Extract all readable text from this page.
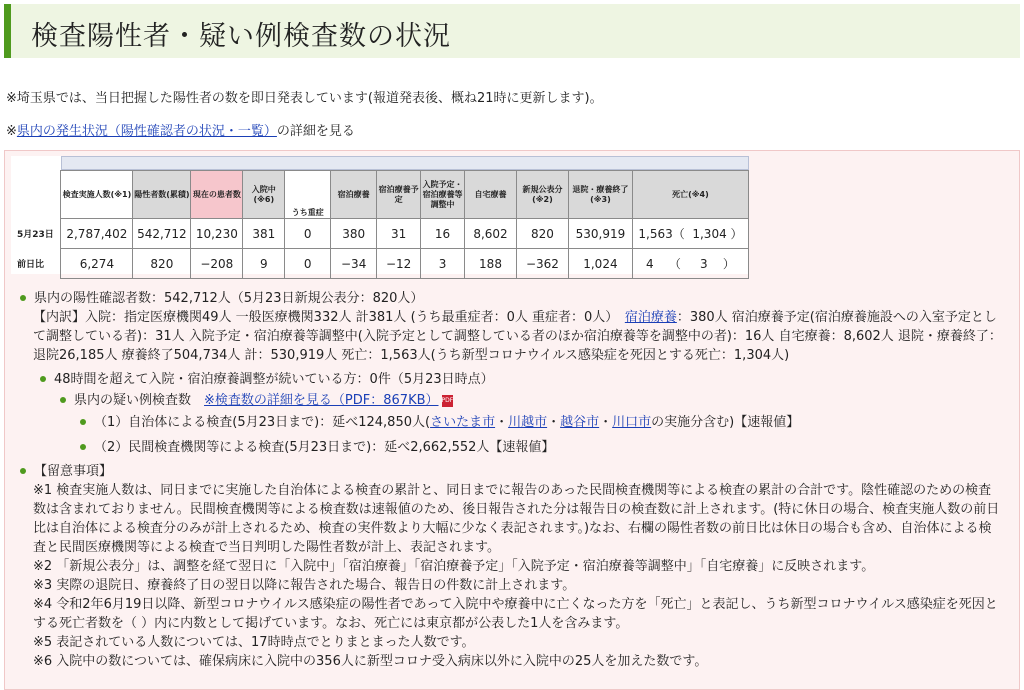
検査陽性者・疑い例検査数の状況
※埼玉県では、当日把握した陽性者の数を即日発表しています(報道発表後、概ね21時に更新します)。
※県内の発生状況（陽性確認者の状況・一覧）の詳細を見る
	検査実施人数(※1)	陽性者数(累積)	現在の患者数	入院中(※6)	うち重症	宿泊療養	宿泊療養予定	入院予定・宿泊療養等調整中	自宅療養	新規公表分(※2)	退院・療養終了(※3)	死亡(※4)
5月23日	2,787,402	542,712	10,230	381	0	380	31	16	8,602	820	530,919	1,563（  1,304 ）
前日比	6,274	820	−208	9	0	−34	−12	3	188	−362	1,024	4    （     3    ）
県内の陽性確認者数：542,712人（5月23日新規公表分：820人）
【内訳】入院：指定医療機関49人 一般医療機関332人 計381人 (うち最重症者：0人 重症者：0人）　 宿泊療養：380人 宿泊療養予定(宿泊療養施設への入室予定とし
て調整している者)：31人 入院予定・宿泊療養等調整中(入院予定として調整している者のほか宿泊療養等を調整中の者)：16人 自宅療養：8,602人 退院・療養終了：
退院26,185人 療養終了504,734人 計：530,919人 死亡：1,563人(うち新型コロナウイルス感染症を死因とする死亡：1,304人)
48時間を超えて入院・宿泊療養調整が続いている方：0件（5月23日時点）
県内の疑い例検査数　 ※検査数の詳細を見る（PDF：867KB） PDF
（1）自治体による検査(5月23日まで)：延べ124,850人(さいたま市・川越市・越谷市・川口市の実施分含む)【速報値】
（2）民間検査機関等による検査(5月23日まで)：延べ2,662,552人【速報値】
【留意事項】
※1 検査実施人数は、同日までに実施した自治体による検査の累計と、同日までに報告のあった民間検査機関等による検査の累計の合計です。陰性確認のための検査
数は含まれておりません。民間検査機関等による検査数は速報値のため、後日報告された分は報告日の検査数に計上されます。(特に休日の場合、検査実施人数の前日
比は自治体による検査分のみが計上されるため、検査の実件数より大幅に少なく表記されます。)なお、右欄の陽性者数の前日比は休日の場合も含め、自治体による検
査と民間医療機関等による検査で当日判明した陽性者数が計上、表記されます。
※2 「新規公表分」は、調整を経て翌日に「入院中」「宿泊療養」「宿泊療養予定」「入院予定・宿泊療養等調整中」「自宅療養」に反映されます。
※3 実際の退院日、療養終了日の翌日以降に報告された場合、報告日の件数に計上されます。
※4 令和2年6月19日以降、新型コロナウイルス感染症の陽性者であって入院中や療養中に亡くなった方を「死亡」と表記し、うち新型コロナウイルス感染症を死因と
する死亡者数を（ ）内に内数として掲げています。なお、死亡には東京都が公表した1人を含みます。
※5 表記されている人数については、17時時点でとりまとまった人数です。
※6 入院中の数については、確保病床に入院中の356人に新型コロナ受入病床以外に入院中の25人を加えた数です。
